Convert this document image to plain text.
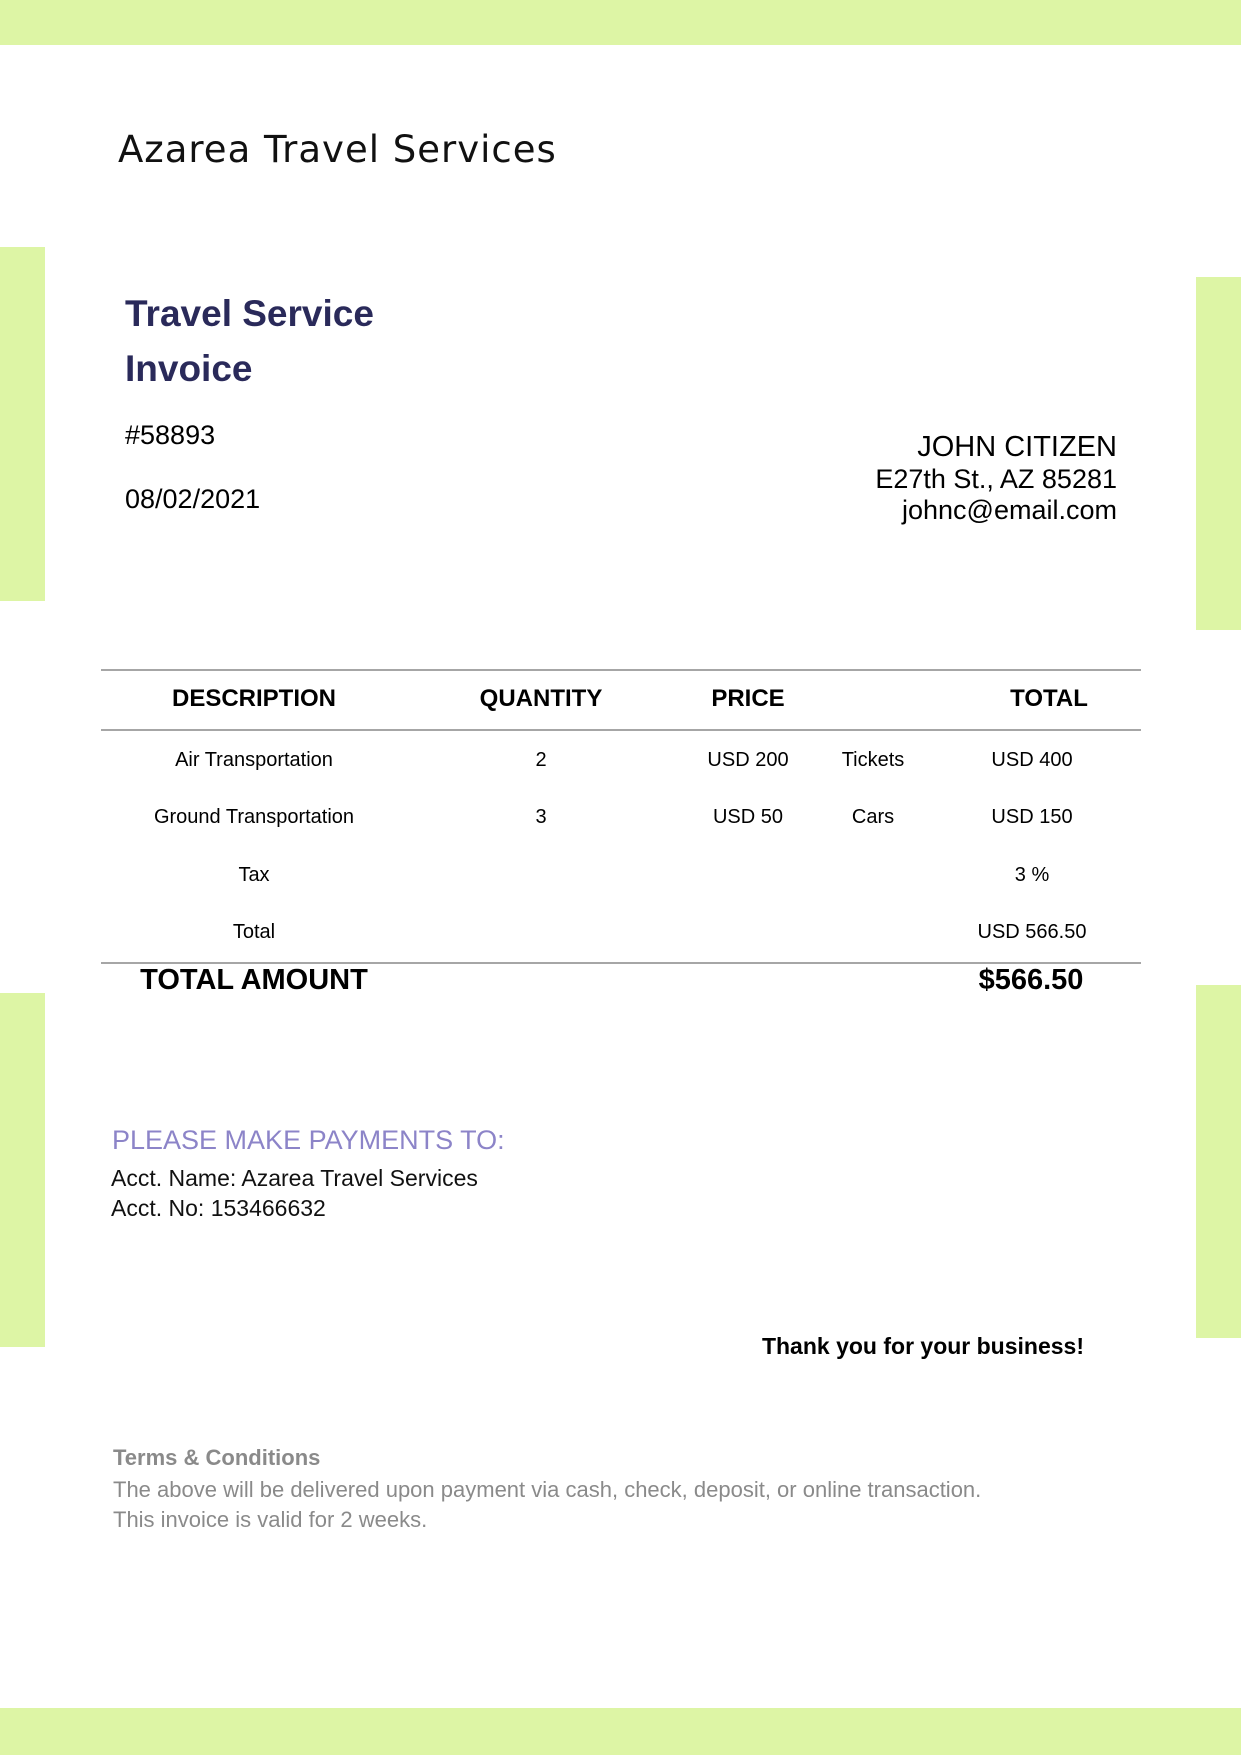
Azarea Travel Services
Travel Service
Invoice
#58893
08/02/2021
JOHN CITIZEN
E27th St., AZ 85281
johnc@email.com
DESCRIPTION	QUANTITY	PRICE	TOTAL
Air Transportation	2	USD 200	Tickets	USD 400
Ground Transportation	3	USD 50	Cars	USD 150
Tax	3 %
Total	USD 566.50
TOTAL AMOUNT	$566.50
PLEASE MAKE PAYMENTS TO:
Acct. Name: Azarea Travel Services
Acct. No: 153466632
Thank you for your business!
Terms & Conditions
The above will be delivered upon payment via cash, check, deposit, or online transaction.
This invoice is valid for 2 weeks.
